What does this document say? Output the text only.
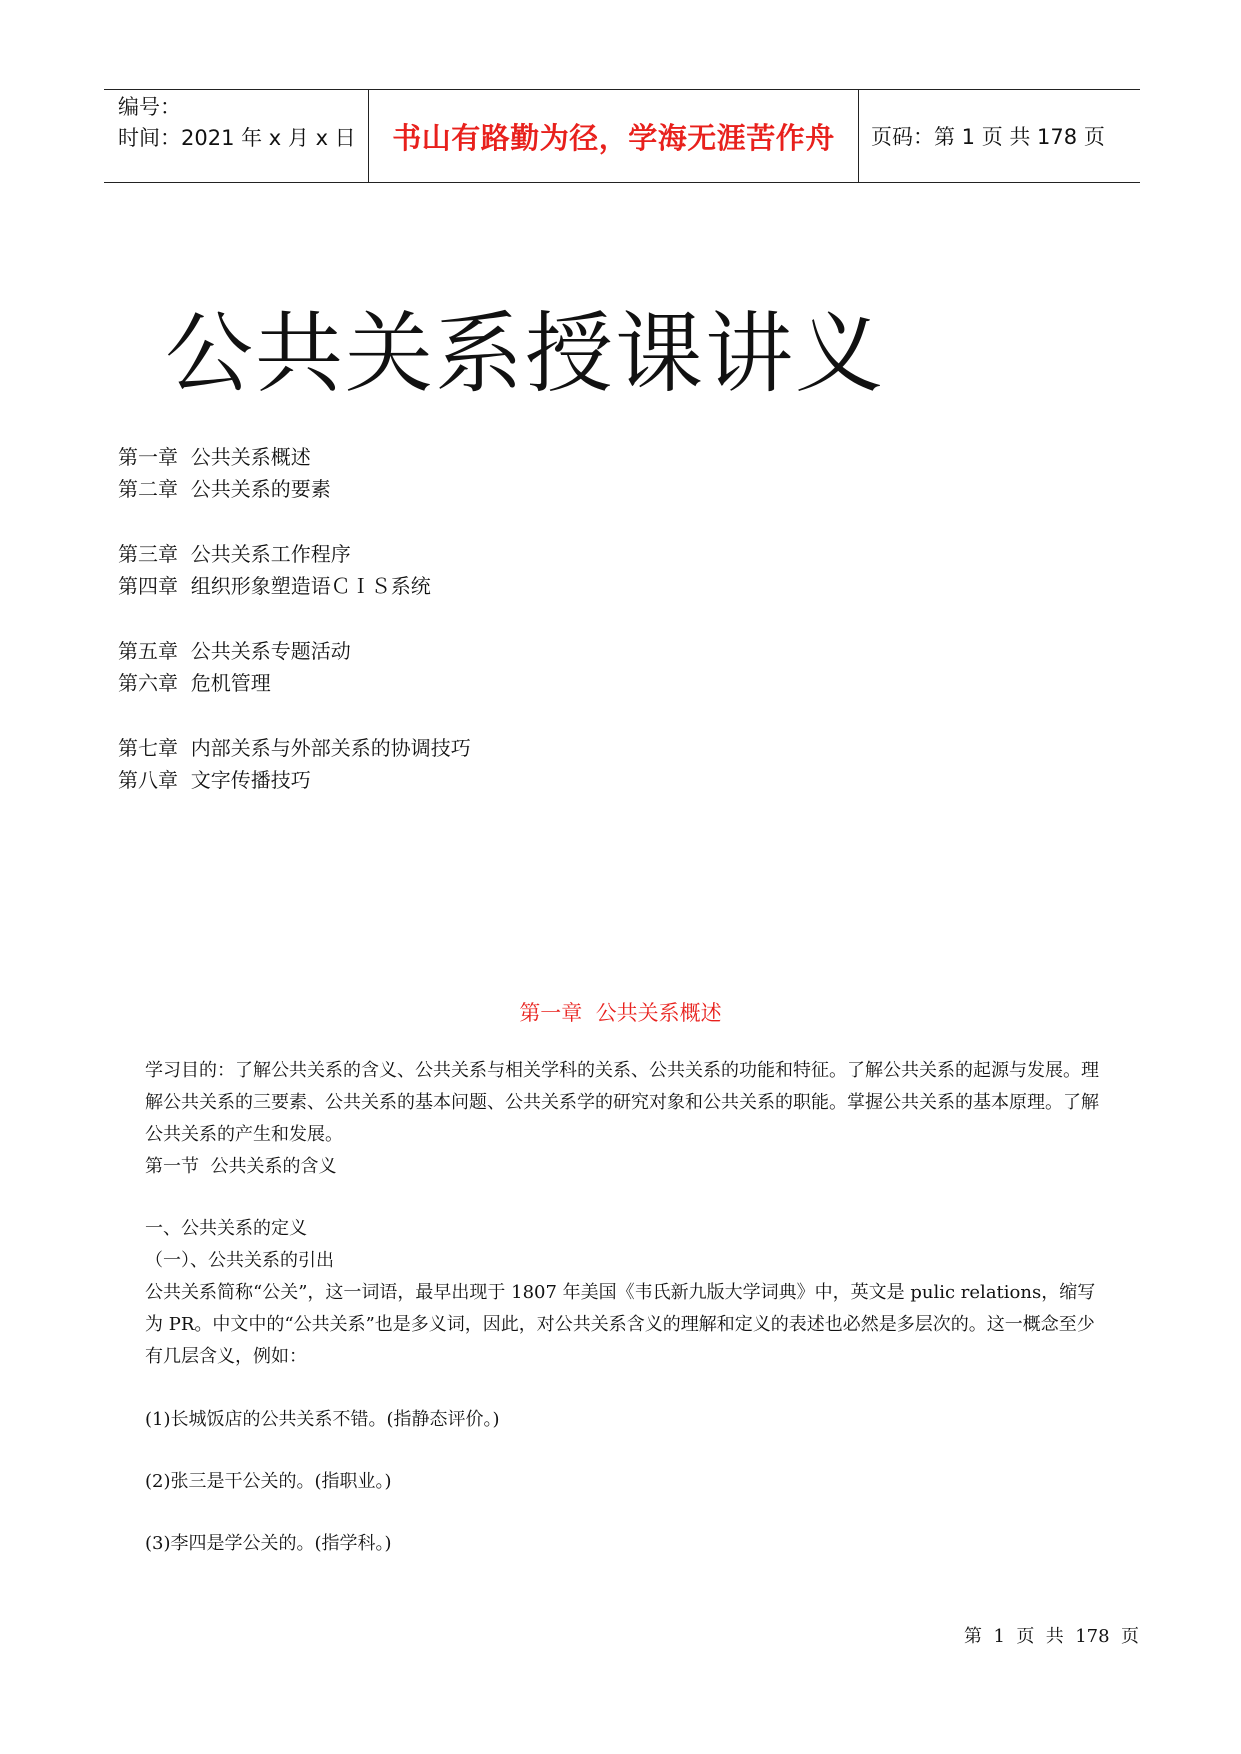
编号：
时间：2021 年 x 月 x 日	书山有路勤为径，学海无涯苦作舟	页码：第 1 页 共 178 页
公共关系授课讲义
第一章  公共关系概述
第二章  公共关系的要素
第三章  公共关系工作程序
第四章  组织形象塑造语ＣＩＳ系统
第五章  公共关系专题活动
第六章  危机管理
第七章  内部关系与外部关系的协调技巧
第八章  文字传播技巧
第一章  公共关系概述
学习目的：了解公共关系的含义、公共关系与相关学科的关系、公共关系的功能和特征。了解公共关系的起源与发展。理解公共关系的三要素、公共关系的基本问题、公共关系学的研究对象和公共关系的职能。掌握公共关系的基本原理。了解公共关系的产生和发展。
第一节  公共关系的含义
一、公共关系的定义
（一）、公共关系的引出
公共关系简称“公关”，这一词语，最早出现于 1807 年美国《韦氏新九版大学词典》中，英文是 pulic relations，缩写为 PR。中文中的“公共关系”也是多义词，因此，对公共关系含义的理解和定义的表述也必然是多层次的。这一概念至少有几层含义，例如：
(1)长城饭店的公共关系不错。(指静态评价。)
(2)张三是干公关的。(指职业。)
(3)李四是学公关的。(指学科。)
第  1  页  共  178  页
